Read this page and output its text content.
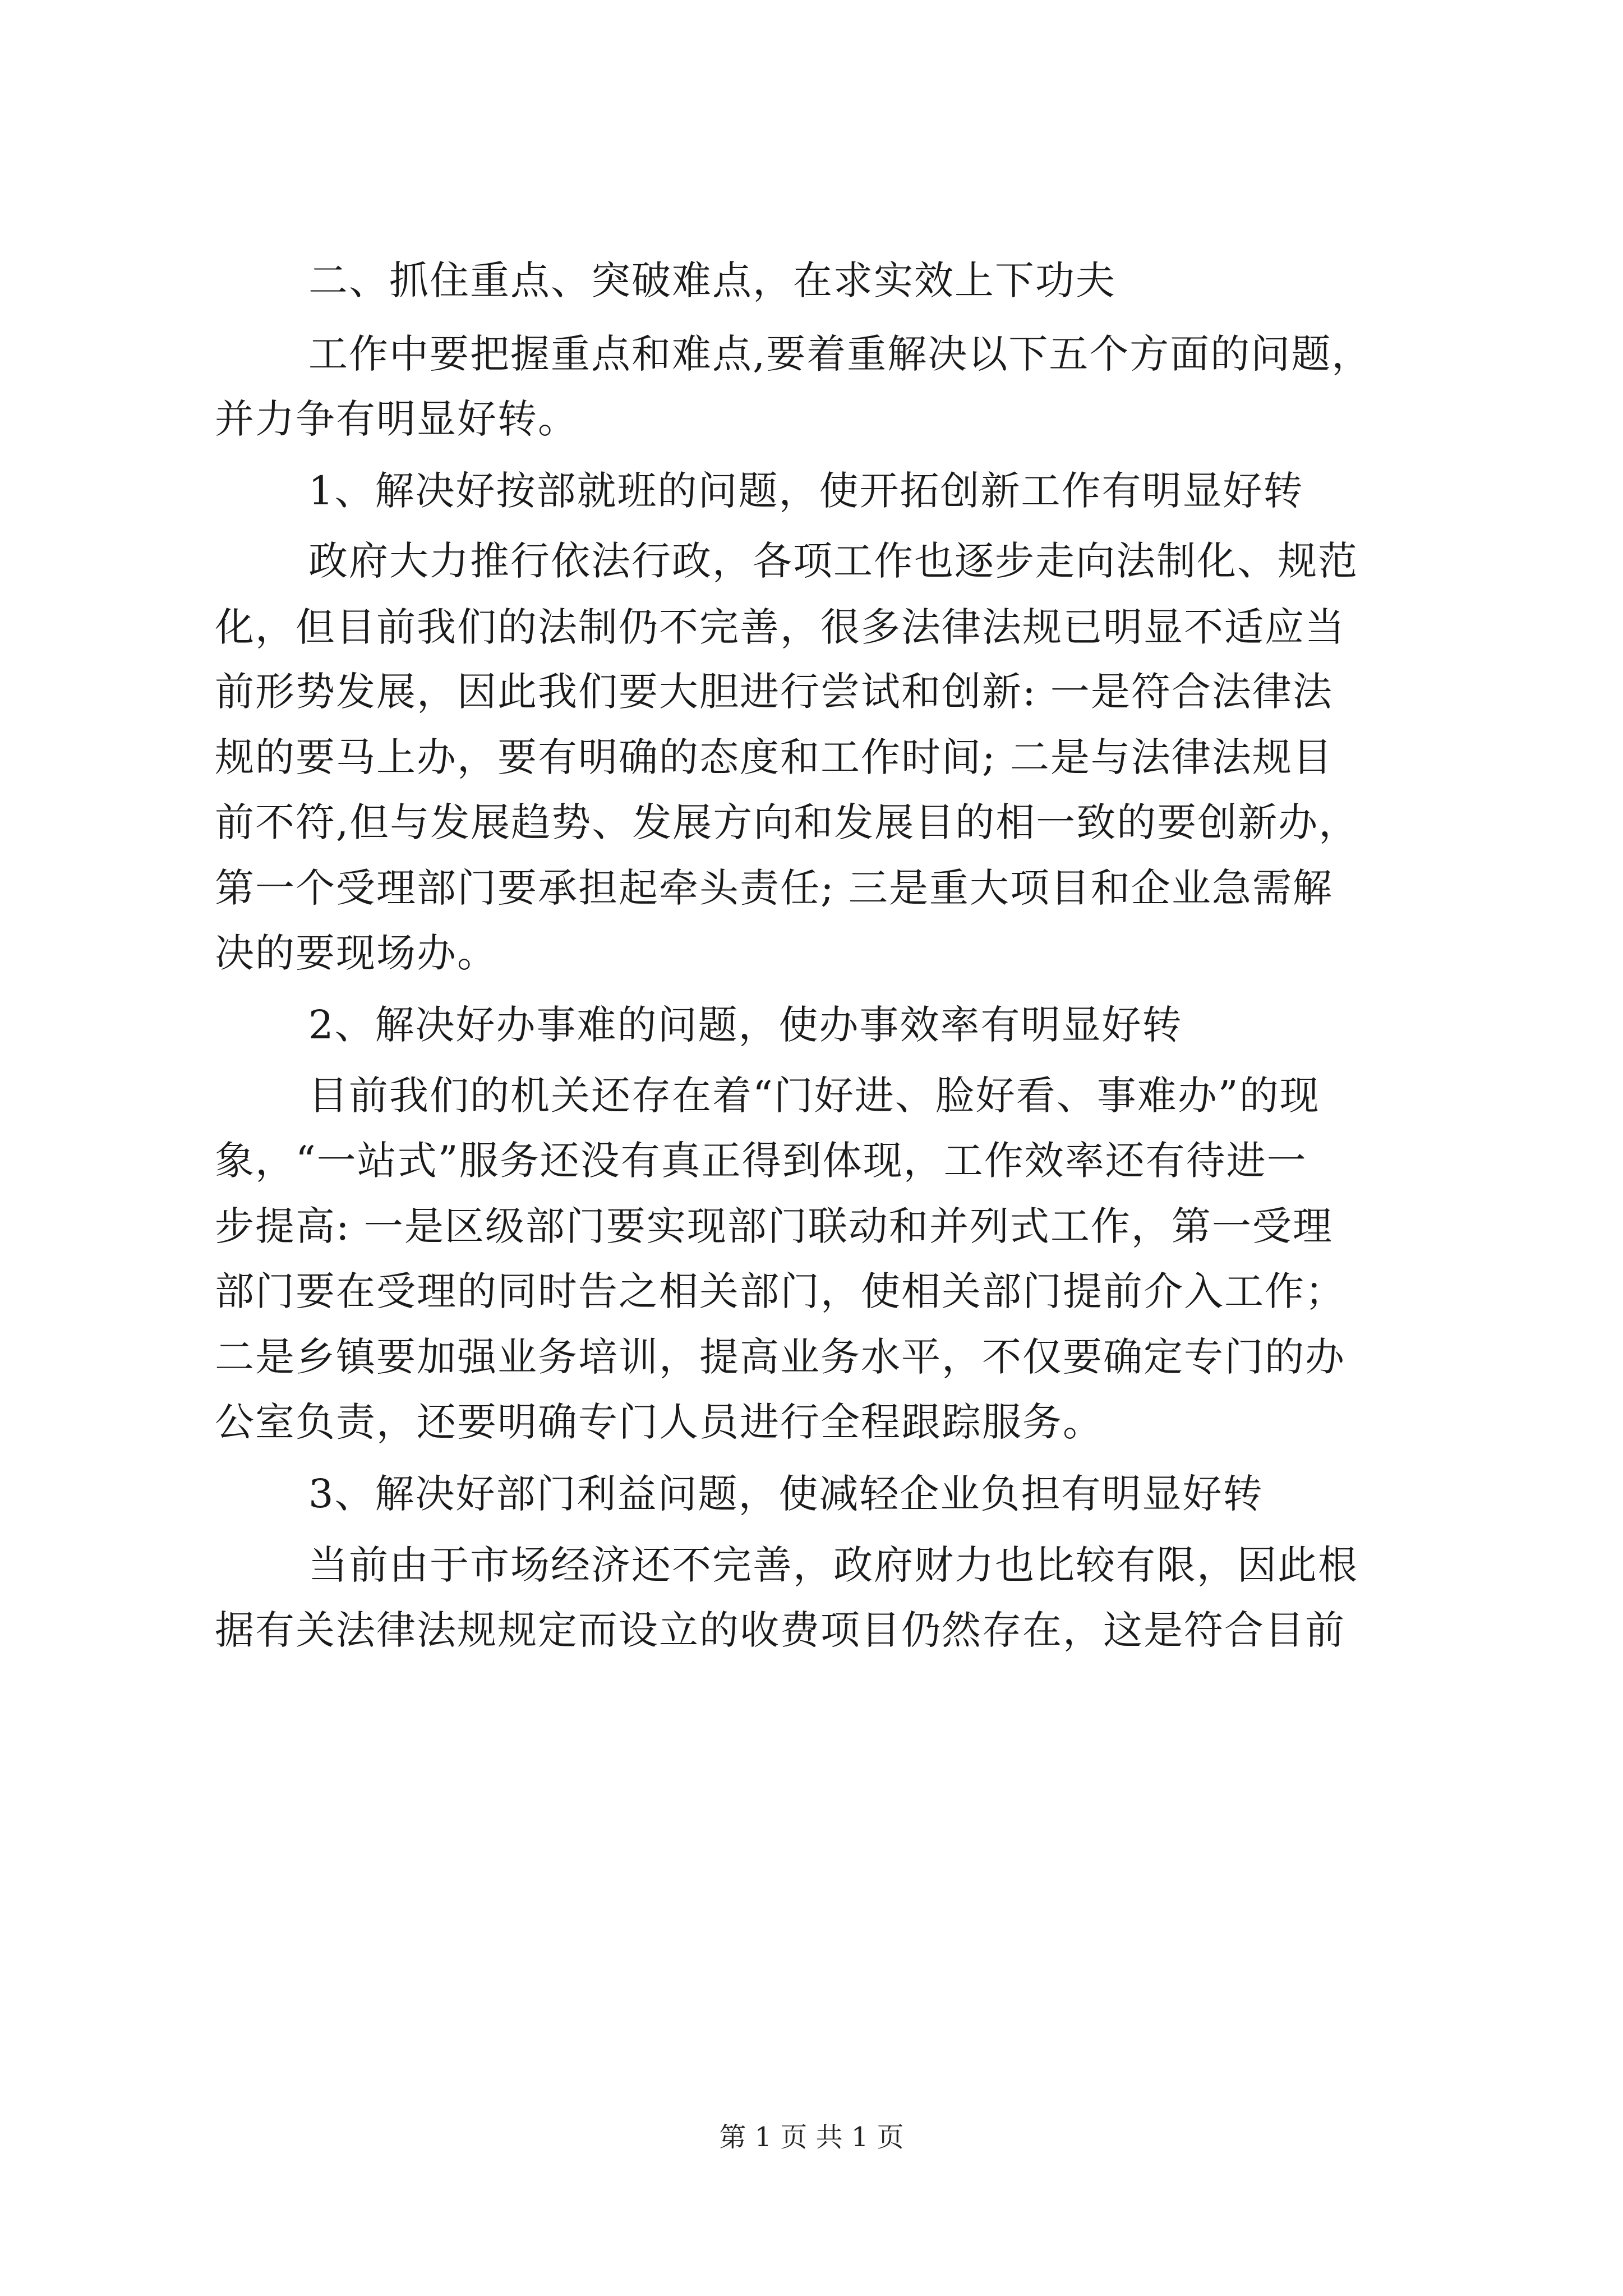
二、抓住重点、突破难点，在求实效上下功夫

工作中要把握重点和难点,要着重解决以下五个方面的问题，

并力争有明显好转。

1、解决好按部就班的问题，使开拓创新工作有明显好转

政府大力推行依法行政，各项工作也逐步走向法制化、规范

化，但目前我们的法制仍不完善，很多法律法规已明显不适应当

前形势发展，因此我们要大胆进行尝试和创新: 一是符合法律法

规的要马上办，要有明确的态度和工作时间; 二是与法律法规目

前不符,但与发展趋势、发展方向和发展目的相一致的要创新办，

第一个受理部门要承担起牵头责任; 三是重大项目和企业急需解

决的要现场办。

2、解决好办事难的问题，使办事效率有明显好转

目前我们的机关还存在着“门好进、脸好看、事难办”的现

象，“一站式”服务还没有真正得到体现，工作效率还有待进一

步提高: 一是区级部门要实现部门联动和并列式工作，第一受理

部门要在受理的同时告之相关部门，使相关部门提前介入工作；

二是乡镇要加强业务培训，提高业务水平，不仅要确定专门的办

公室负责，还要明确专门人员进行全程跟踪服务。

3、解决好部门利益问题，使减轻企业负担有明显好转

当前由于市场经济还不完善，政府财力也比较有限，因此根

据有关法律法规规定而设立的收费项目仍然存在，这是符合目前

第 1 页 共 1 页
